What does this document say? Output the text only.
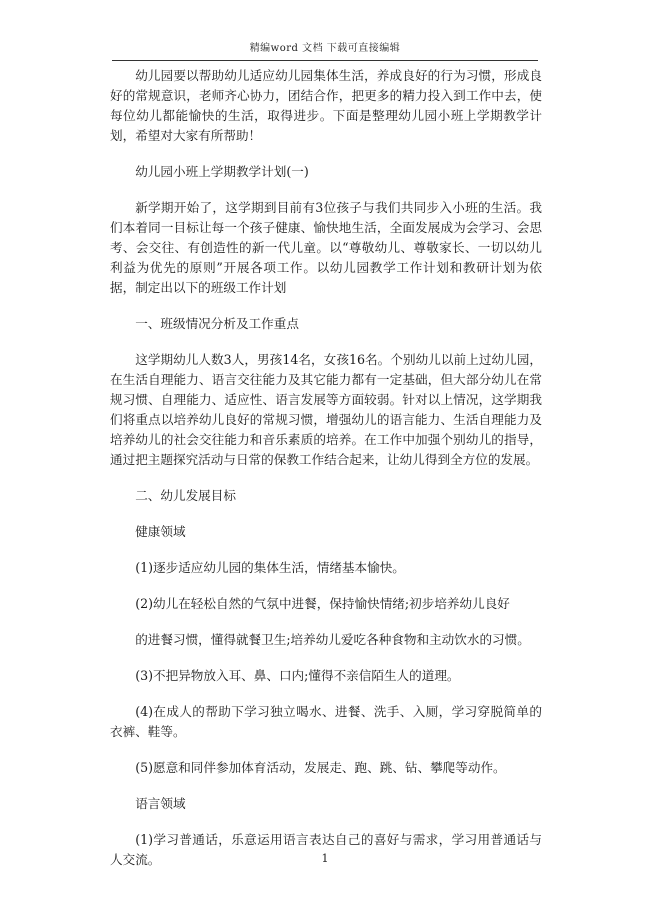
精编word 文档 下载可直接编辑

幼儿园要以帮助幼儿适应幼儿园集体生活，养成良好的行为习惯，形成良好的常规意识，老师齐心协力，团结合作，把更多的精力投入到工作中去，使每位幼儿都能愉快的生活，取得进步。下面是整理幼儿园小班上学期教学计划，希望对大家有所帮助！

幼儿园小班上学期教学计划(一)

新学期开始了，这学期到目前有3位孩子与我们共同步入小班的生活。我们本着同一目标让每一个孩子健康、愉快地生活，全面发展成为会学习、会思考、会交往、有创造性的新一代儿童。以“尊敬幼儿、尊敬家长、一切以幼儿利益为优先的原则”开展各项工作。以幼儿园教学工作计划和教研计划为依据，制定出以下的班级工作计划

一、班级情况分析及工作重点

这学期幼儿人数3人，男孩14名，女孩16名。个别幼儿以前上过幼儿园，在生活自理能力、语言交往能力及其它能力都有一定基础，但大部分幼儿在常规习惯、自理能力、适应性、语言发展等方面较弱。针对以上情况，这学期我们将重点以培养幼儿良好的常规习惯，增强幼儿的语言能力、生活自理能力及培养幼儿的社会交往能力和音乐素质的培养。在工作中加强个别幼儿的指导，通过把主题探究活动与日常的保教工作结合起来，让幼儿得到全方位的发展。

二、幼儿发展目标

健康领域

(1)逐步适应幼儿园的集体生活，情绪基本愉快。

(2)幼儿在轻松自然的气氛中进餐，保持愉快情绪;初步培养幼儿良好

的进餐习惯，懂得就餐卫生;培养幼儿爱吃各种食物和主动饮水的习惯。

(3)不把异物放入耳、鼻、口内;懂得不亲信陌生人的道理。

(4)在成人的帮助下学习独立喝水、进餐、洗手、入厕，学习穿脱简单的衣裤、鞋等。

(5)愿意和同伴参加体育活动，发展走、跑、跳、钻、攀爬等动作。

语言领域

(1)学习普通话，乐意运用语言表达自己的喜好与需求，学习用普通话与人交流。	1
